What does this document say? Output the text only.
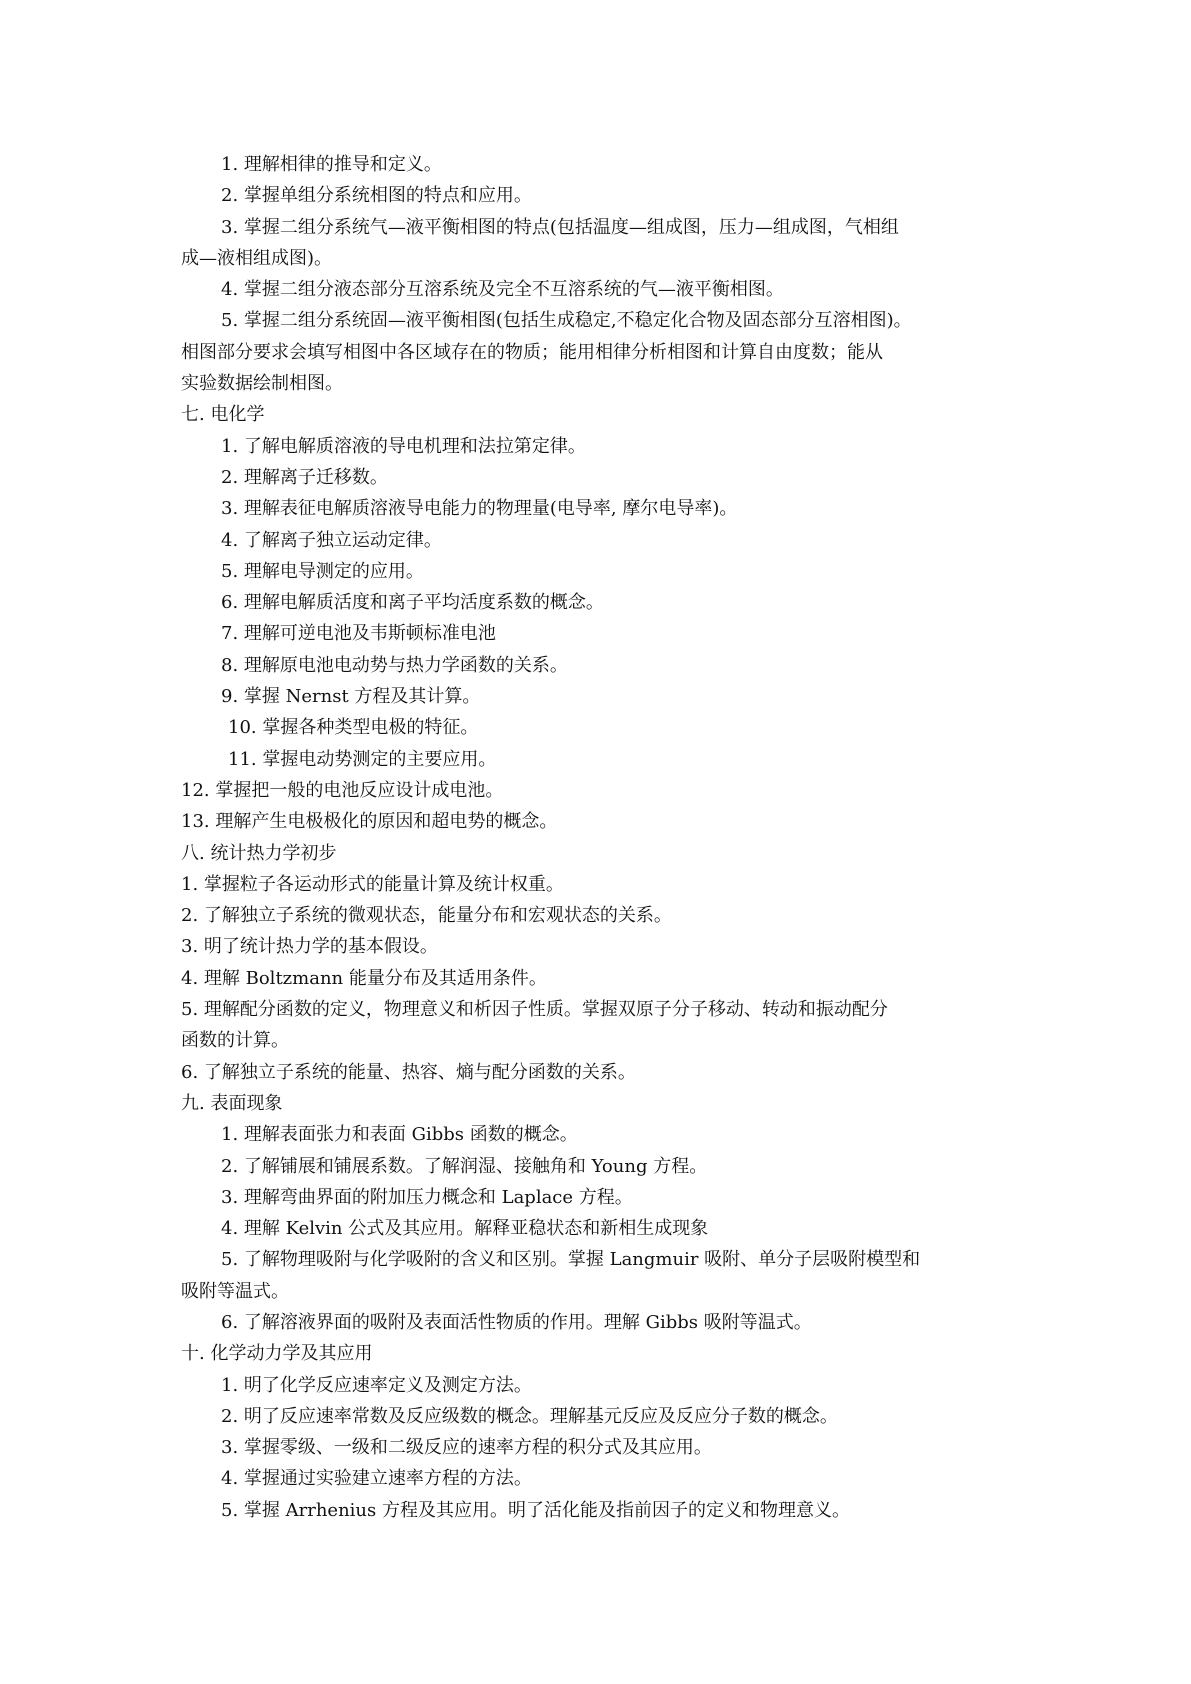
1. 理解相律的推导和定义。
2. 掌握单组分系统相图的特点和应用。
3. 掌握二组分系统气—液平衡相图的特点(包括温度—组成图，压力—组成图，气相组
成—液相组成图)。
4. 掌握二组分液态部分互溶系统及完全不互溶系统的气—液平衡相图。
5. 掌握二组分系统固—液平衡相图(包括生成稳定,不稳定化合物及固态部分互溶相图)。
相图部分要求会填写相图中各区域存在的物质；能用相律分析相图和计算自由度数；能从
实验数据绘制相图。
七. 电化学
1. 了解电解质溶液的导电机理和法拉第定律。
2. 理解离子迁移数。
3. 理解表征电解质溶液导电能力的物理量(电导率, 摩尔电导率)。
4. 了解离子独立运动定律。
5. 理解电导测定的应用。
6. 理解电解质活度和离子平均活度系数的概念。
7. 理解可逆电池及韦斯顿标准电池
8. 理解原电池电动势与热力学函数的关系。
9. 掌握 Nernst 方程及其计算。
10. 掌握各种类型电极的特征。
11. 掌握电动势测定的主要应用。
12. 掌握把一般的电池反应设计成电池。
13. 理解产生电极极化的原因和超电势的概念。
八. 统计热力学初步
1. 掌握粒子各运动形式的能量计算及统计权重。
2. 了解独立子系统的微观状态，能量分布和宏观状态的关系。
3. 明了统计热力学的基本假设。
4. 理解 Boltzmann 能量分布及其适用条件。
5. 理解配分函数的定义，物理意义和析因子性质。掌握双原子分子移动、转动和振动配分
函数的计算。
6. 了解独立子系统的能量、热容、熵与配分函数的关系。
九. 表面现象
1. 理解表面张力和表面 Gibbs 函数的概念。
2. 了解铺展和铺展系数。了解润湿、接触角和 Young 方程。
3. 理解弯曲界面的附加压力概念和 Laplace 方程。
4. 理解 Kelvin 公式及其应用。解释亚稳状态和新相生成现象
5. 了解物理吸附与化学吸附的含义和区别。掌握 Langmuir 吸附、单分子层吸附模型和
吸附等温式。
6. 了解溶液界面的吸附及表面活性物质的作用。理解 Gibbs 吸附等温式。
十. 化学动力学及其应用
1. 明了化学反应速率定义及测定方法。
2. 明了反应速率常数及反应级数的概念。理解基元反应及反应分子数的概念。
3. 掌握零级、一级和二级反应的速率方程的积分式及其应用。
4. 掌握通过实验建立速率方程的方法。
5. 掌握 Arrhenius 方程及其应用。明了活化能及指前因子的定义和物理意义。
